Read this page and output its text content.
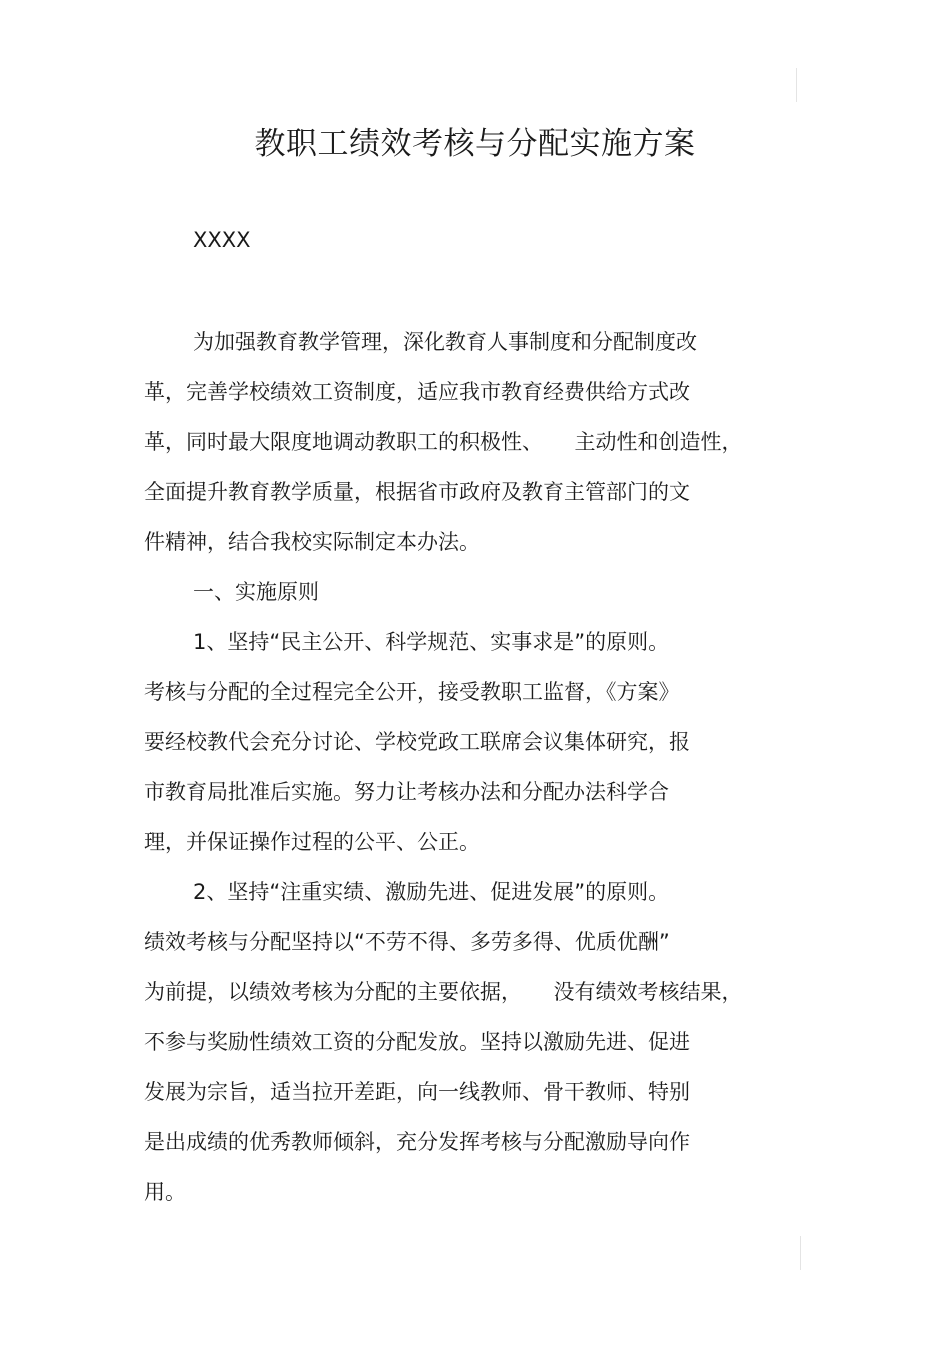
教职工绩效考核与分配实施方案
XXXX
为加强教育教学管理，深化教育人事制度和分配制度改
革，完善学校绩效工资制度，适应我市教育经费供给方式改
革，同时最大限度地调动教职工的积极性、　　主动性和创造性，
全面提升教育教学质量，根据省市政府及教育主管部门的文
件精神，结合我校实际制定本办法。
一、实施原则
1、坚持“民主公开、科学规范、实事求是”的原则。
考核与分配的全过程完全公开，接受教职工监督，《方案》
要经校教代会充分讨论、学校党政工联席会议集体研究，报
市教育局批准后实施。努力让考核办法和分配办法科学合
理，并保证操作过程的公平、公正。
2、坚持“注重实绩、激励先进、促进发展”的原则。
绩效考核与分配坚持以“不劳不得、多劳多得、优质优酬”
为前提，以绩效考核为分配的主要依据，　　没有绩效考核结果，
不参与奖励性绩效工资的分配发放。坚持以激励先进、促进
发展为宗旨，适当拉开差距，向一线教师、骨干教师、特别
是出成绩的优秀教师倾斜，充分发挥考核与分配激励导向作
用。
